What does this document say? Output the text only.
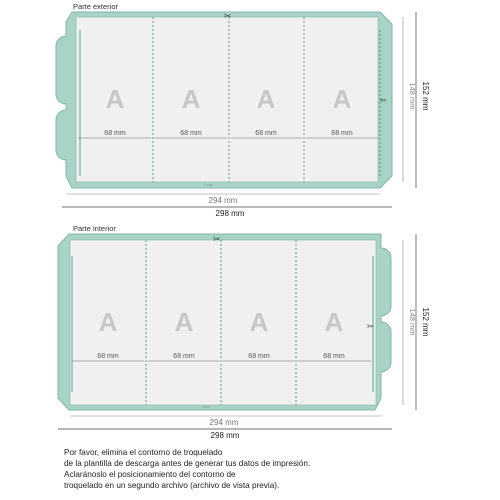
Parte exterior
✂
✂
A A A A
68 mm	68 mm	68 mm	68 mm
2 mm
294 mm
298 mm
148 mm 152 mm
Parte interior
✂
✂
A A A A
68 mm	68 mm	68 mm	68 mm
2 mm
294 mm
298 mm
148 mm 152 mm
Por favor, elimina el contorno de troquelado
de la plantilla de descarga antes de generar tus datos de impresión.
Aclaránoslo el posicionamiento del contorno de
troquelado en un segundo archivo (archivo de vista previa).
